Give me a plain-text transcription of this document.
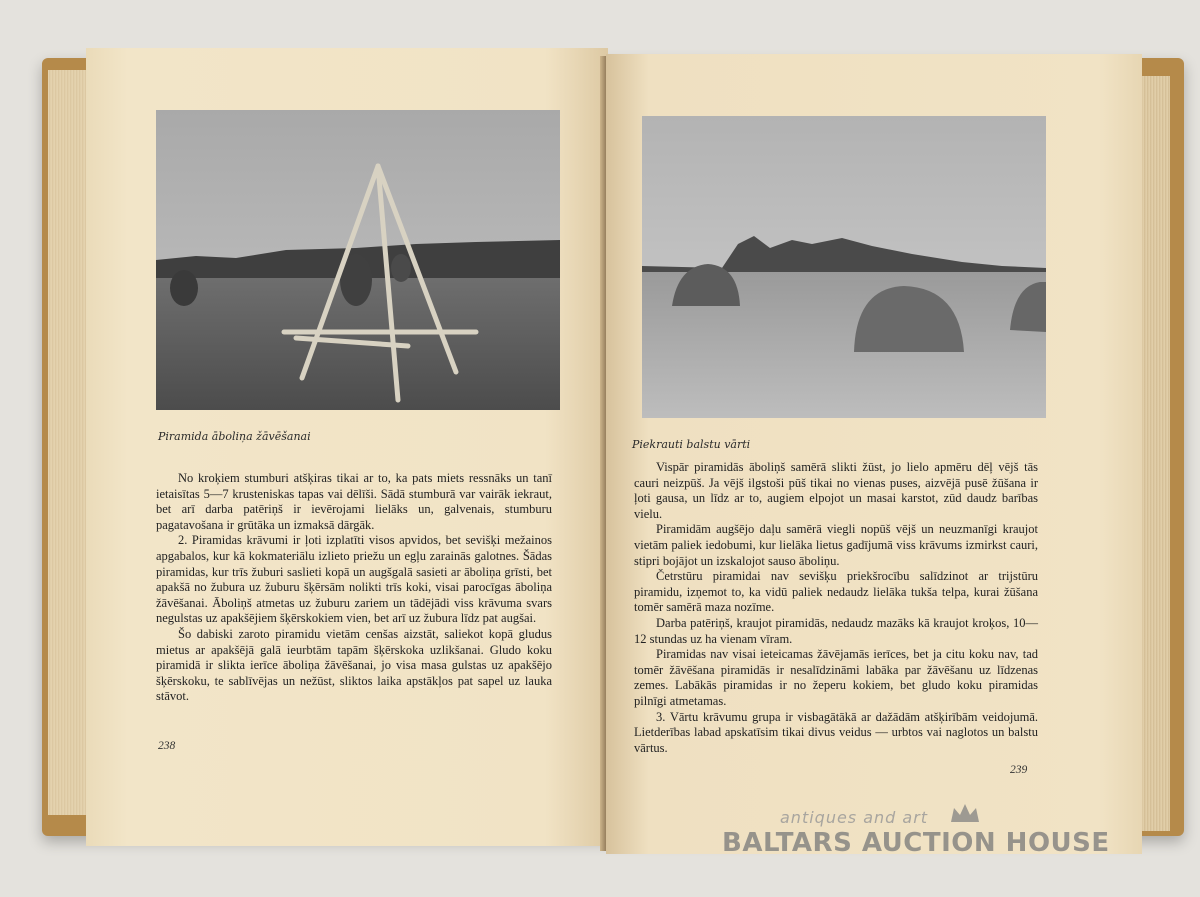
Piramida āboliņa žāvēšanai

No kroķiem stumburi atšķiras tikai ar to, ka pats miets ressnāks un tanī ietaisītas 5—7 krusteniskas tapas vai dēlīši. Sādā stumburā var vairāk iekraut, bet arī darba patēriņš ir ievērojami lielāks un, galvenais, stumburu pagatavošana ir grūtāka un izmaksā dārgāk.

2. Piramidas krāvumi ir ļoti izplatīti visos apvidos, bet sevišķi mežainos apgabalos, kur kā kokmateriālu izlieto priežu un egļu zarainās galotnes. Šādas piramidas, kur trīs žuburi saslieti kopā un augšgalā sasieti ar āboliņa grīsti, bet apakšā no žubura uz žuburu šķērsām nolikti trīs koki, visai parocīgas āboliņa žāvēšanai. Āboliņš atmetas uz žuburu zariem un tādējādi viss krāvuma svars negulstas uz apakšējiem šķērskokiem vien, bet arī uz žubura līdz pat augšai.

Šo dabiski zaroto piramidu vietām cenšas aizstāt, saliekot kopā gludus mietus ar apakšējā galā ieurbtām tapām šķērskoka uzlikšanai. Gludo koku piramidā ir slikta ierīce āboliņa žāvēšanai, jo visa masa gulstas uz apakšējo šķērskoku, te sablīvējas un nežūst, sliktos laika apstākļos pat sapel uz lauka stāvot.

238
Piekrauti balstu vārti

Vispār piramidās āboliņš samērā slikti žūst, jo lielo apmēru dēļ vējš tās cauri neizpūš. Ja vējš ilgstoši pūš tikai no vienas puses, aizvējā pusē žūšana ir ļoti gausa, un līdz ar to, augiem elpojot un masai karstot, zūd daudz barības vielu.

Piramidām augšējo daļu samērā viegli nopūš vējš un neuzmanīgi kraujot vietām paliek iedobumi, kur lielāka lietus gadījumā viss krāvums izmirkst cauri, stipri bojājot un izskalojot sauso āboliņu.

Četrstūru piramidai nav sevišķu priekšrocību salīdzinot ar trijstūru piramidu, izņemot to, ka vidū paliek nedaudz lielāka tukša telpa, kurai žūšana tomēr samērā maza nozīme.

Darba patēriņš, kraujot piramidās, nedaudz mazāks kā kraujot kroķos, 10—12 stundas uz ha vienam vīram.

Piramidas nav visai ieteicamas žāvējamās ierīces, bet ja citu koku nav, tad tomēr žāvēšana piramidās ir nesalīdzināmi labāka par žāvēšanu uz līdzenas zemes. Labākās piramidas ir no žeperu kokiem, bet gludo koku piramidas pilnīgi atmetamas.

3. Vārtu krāvumu grupa ir visbagātākā ar dažādām atšķirībām veidojumā. Lietderības labad apskatīsim tikai divus veidus — urbtos vai naglotos un balstu vārtus.

239
antiques and art
BALTARS AUCTION HOUSE
